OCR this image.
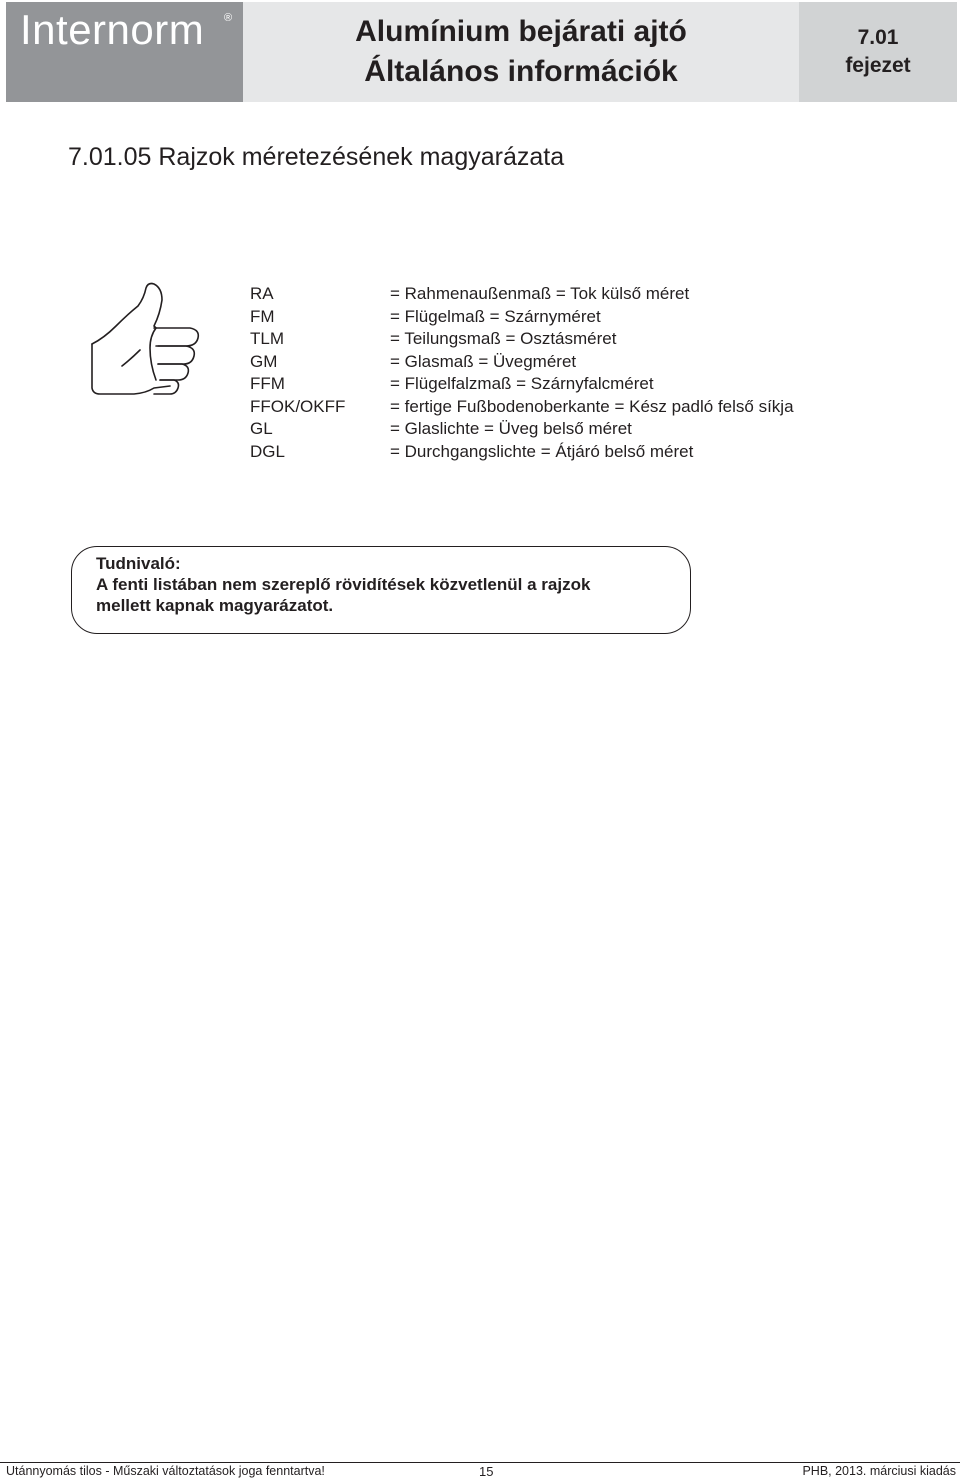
Internorm ®	Alumínium bejárati ajtó
Általános információk
7.01
fejezet
7.01.05 Rajzok méretezésének magyarázata
RA	= Rahmenaußenmaß = Tok külső méret
FM	= Flügelmaß = Szárnyméret
TLM	= Teilungsmaß = Osztásméret
GM	= Glasmaß = Üvegméret
FFM	= Flügelfalzmaß = Szárnyfalcméret
FFOK/OKFF	= fertige Fußbodenoberkante = Kész padló felső síkja
GL	= Glaslichte = Üveg belső méret
DGL	= Durchgangslichte = Átjáró belső méret
Tudnivaló:
A fenti listában nem szereplő rövidítések közvetlenül a rajzok
mellett kapnak magyarázatot.
Utánnyomás tilos - Műszaki változtatások joga fenntartva!	15	PHB, 2013. márciusi kiadás
